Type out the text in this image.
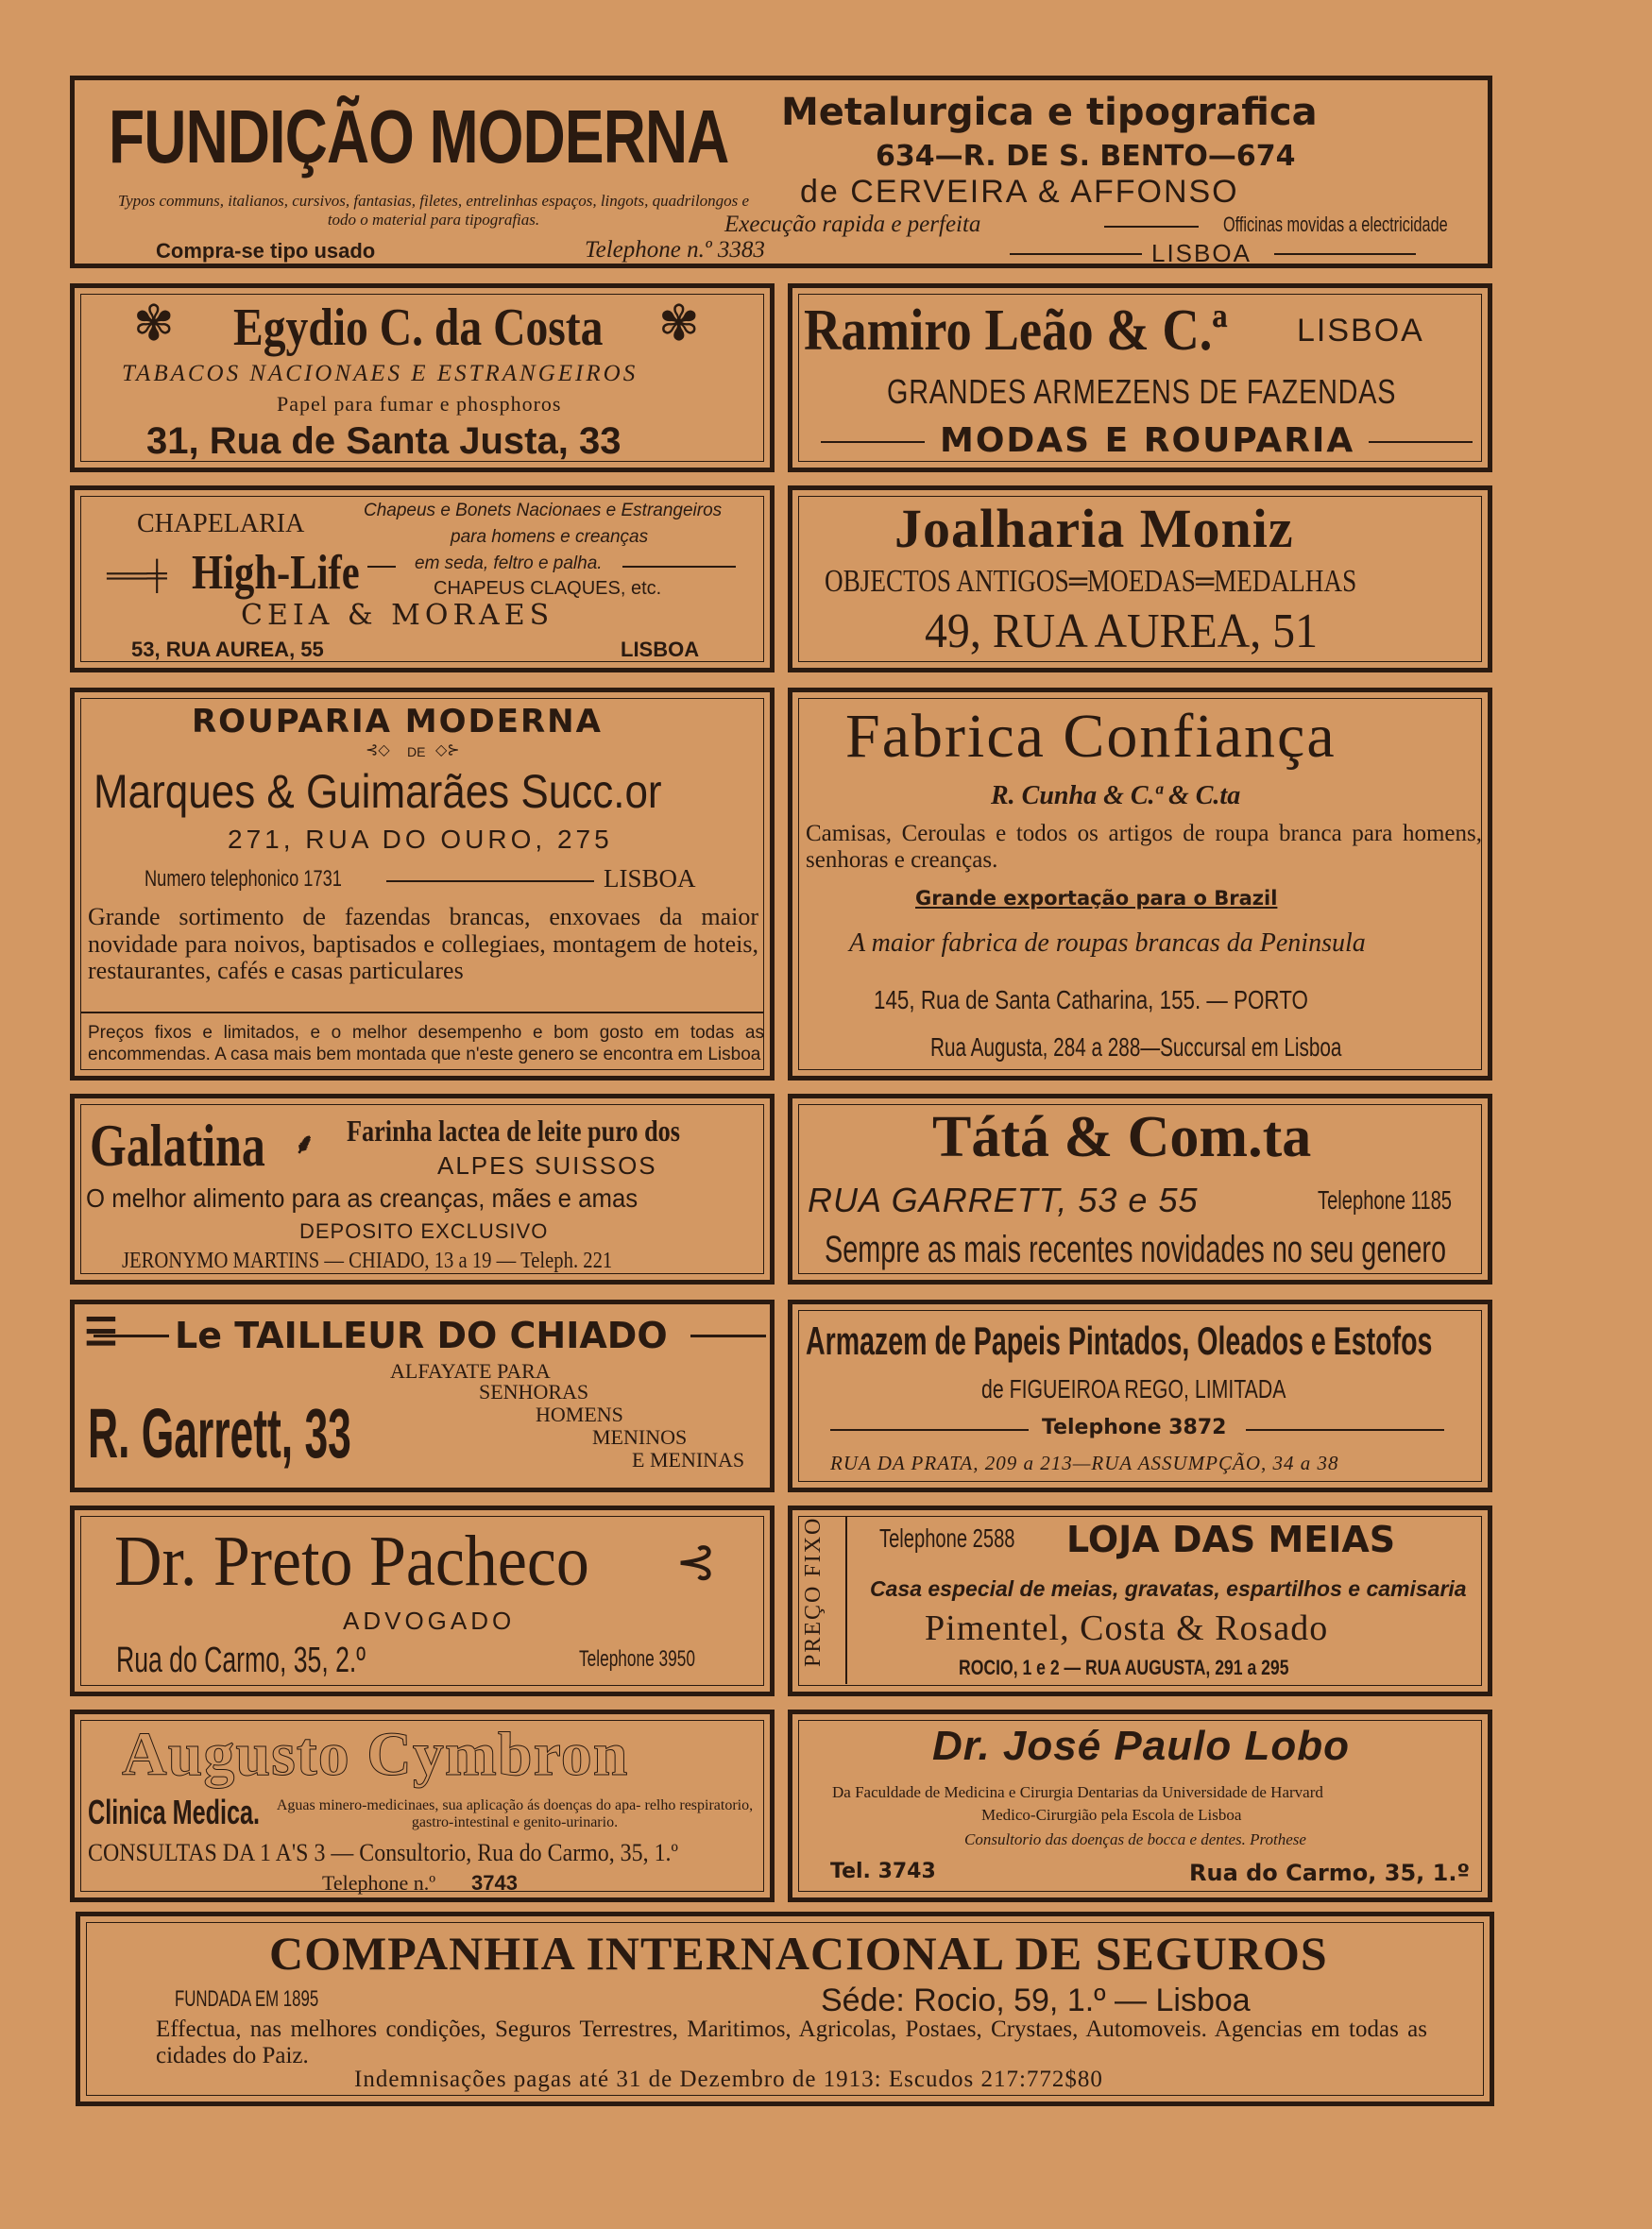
FUNDIÇÃO MODERNA
Typos communs, italianos, cursivos, fantasias, filetes, entrelinhas espaços, lingots, quadrilongos e todo o material para tipografias.
Compra-se tipo usado
Metalurgica e tipografica
634—R. DE S. BENTO—674
de CERVEIRA & AFFONSO
Execução rapida e perfeita	Officinas movidas a electricidade
Telephone n.º 3383	LISBOA
✾ Egydio C. da Costa ✾
TABACOS NACIONAES E ESTRANGEIROS
Papel para fumar e phosphoros
31, Rua de Santa Justa, 33
Ramiro Leão & C.ª LISBOA
GRANDES ARMEZENS DE FAZENDAS
MODAS E ROUPARIA
CHAPELARIA
══╪ High-Life
Chapeus e Bonets Nacionaes e Estrangeiros
para homens e creanças
em seda, feltro e palha.
CHAPEUS CLAQUES, etc.
CEIA & MORAES
53, RUA AUREA, 55	LISBOA
Joalharia Moniz
OBJECTOS ANTIGOS═MOEDAS═MEDALHAS
49, RUA AUREA, 51
ROUPARIA MODERNA
⊰◇ DE ◇⊱
Marques & Guimarães Succ.or
271, RUA DO OURO, 275
Numero telephonico 1731	LISBOA
Grande sortimento de fazendas brancas, enxovaes da maior novidade para noivos, baptisados e collegiaes, montagem de hoteis, restaurantes, cafés e casas particulares
Preços fixos e limitados, e o melhor desempenho e bom gosto em todas as encommendas. A casa mais bem montada que n'este genero se encontra em Lisboa
Fabrica Confiança
R. Cunha & C.ª & C.ta
Camisas, Ceroulas e todos os artigos de roupa branca para homens, senhoras e creanças.
Grande exportação para o Brazil
A maior fabrica de roupas brancas da Peninsula
145, Rua de Santa Catharina, 155. — PORTO
Rua Augusta, 284 a 288—Succursal em Lisboa
Galatina ⸙ Farinha lactea de leite puro dos
ALPES SUISSOS
O melhor alimento para as creanças, mães e amas
DEPOSITO EXCLUSIVO
JERONYMO MARTINS — CHIADO, 13 a 19 — Teleph. 221
Tátá & Com.ta
RUA GARRETT, 53 e 55	Telephone 1185
Sempre as mais recentes novidades no seu genero
☰ Le TAILLEUR DO CHIADO
ALFAYATE PARA
SENHORAS
HOMENS
MENINOS
E MENINAS
R. Garrett, 33
Armazem de Papeis Pintados, Oleados e Estofos
de FIGUEIROA REGO, LIMITADA
Telephone 3872
RUA DA PRATA, 209 a 213—RUA ASSUMPÇÃO, 34 a 38
Dr. Preto Pacheco ⊰
ADVOGADO
Rua do Carmo, 35, 2.º	Telephone 3950	PREÇO FIXO Telephone 2588 LOJA DAS MEIAS
Casa especial de meias, gravatas, espartilhos e camisaria
Pimentel, Costa & Rosado
ROCIO, 1 e 2 — RUA AUGUSTA, 291 a 295
Augusto Cymbron
Clinica Medica.	Aguas minero-medicinaes, sua aplicação ás doenças do apa- relho respiratorio, gastro-intestinal e genito-urinario.
CONSULTAS DA 1 A'S 3 — Consultorio, Rua do Carmo, 35, 1.º
Telephone n.º 3743
Dr. José Paulo Lobo
Da Faculdade de Medicina e Cirurgia Dentarias da Universidade de Harvard
Medico-Cirurgião pela Escola de Lisboa
Consultorio das doenças de bocca e dentes. Prothese
Tel. 3743	Rua do Carmo, 35, 1.º
COMPANHIA INTERNACIONAL DE SEGUROS
FUNDADA EM 1895	Séde: Rocio, 59, 1.º — Lisboa
Effectua, nas melhores condições, Seguros Terrestres, Maritimos, Agricolas, Postaes, Crystaes, Automoveis. Agencias em todas as cidades do Paiz.
Indemnisações pagas até 31 de Dezembro de 1913: Escudos 217:772$80
